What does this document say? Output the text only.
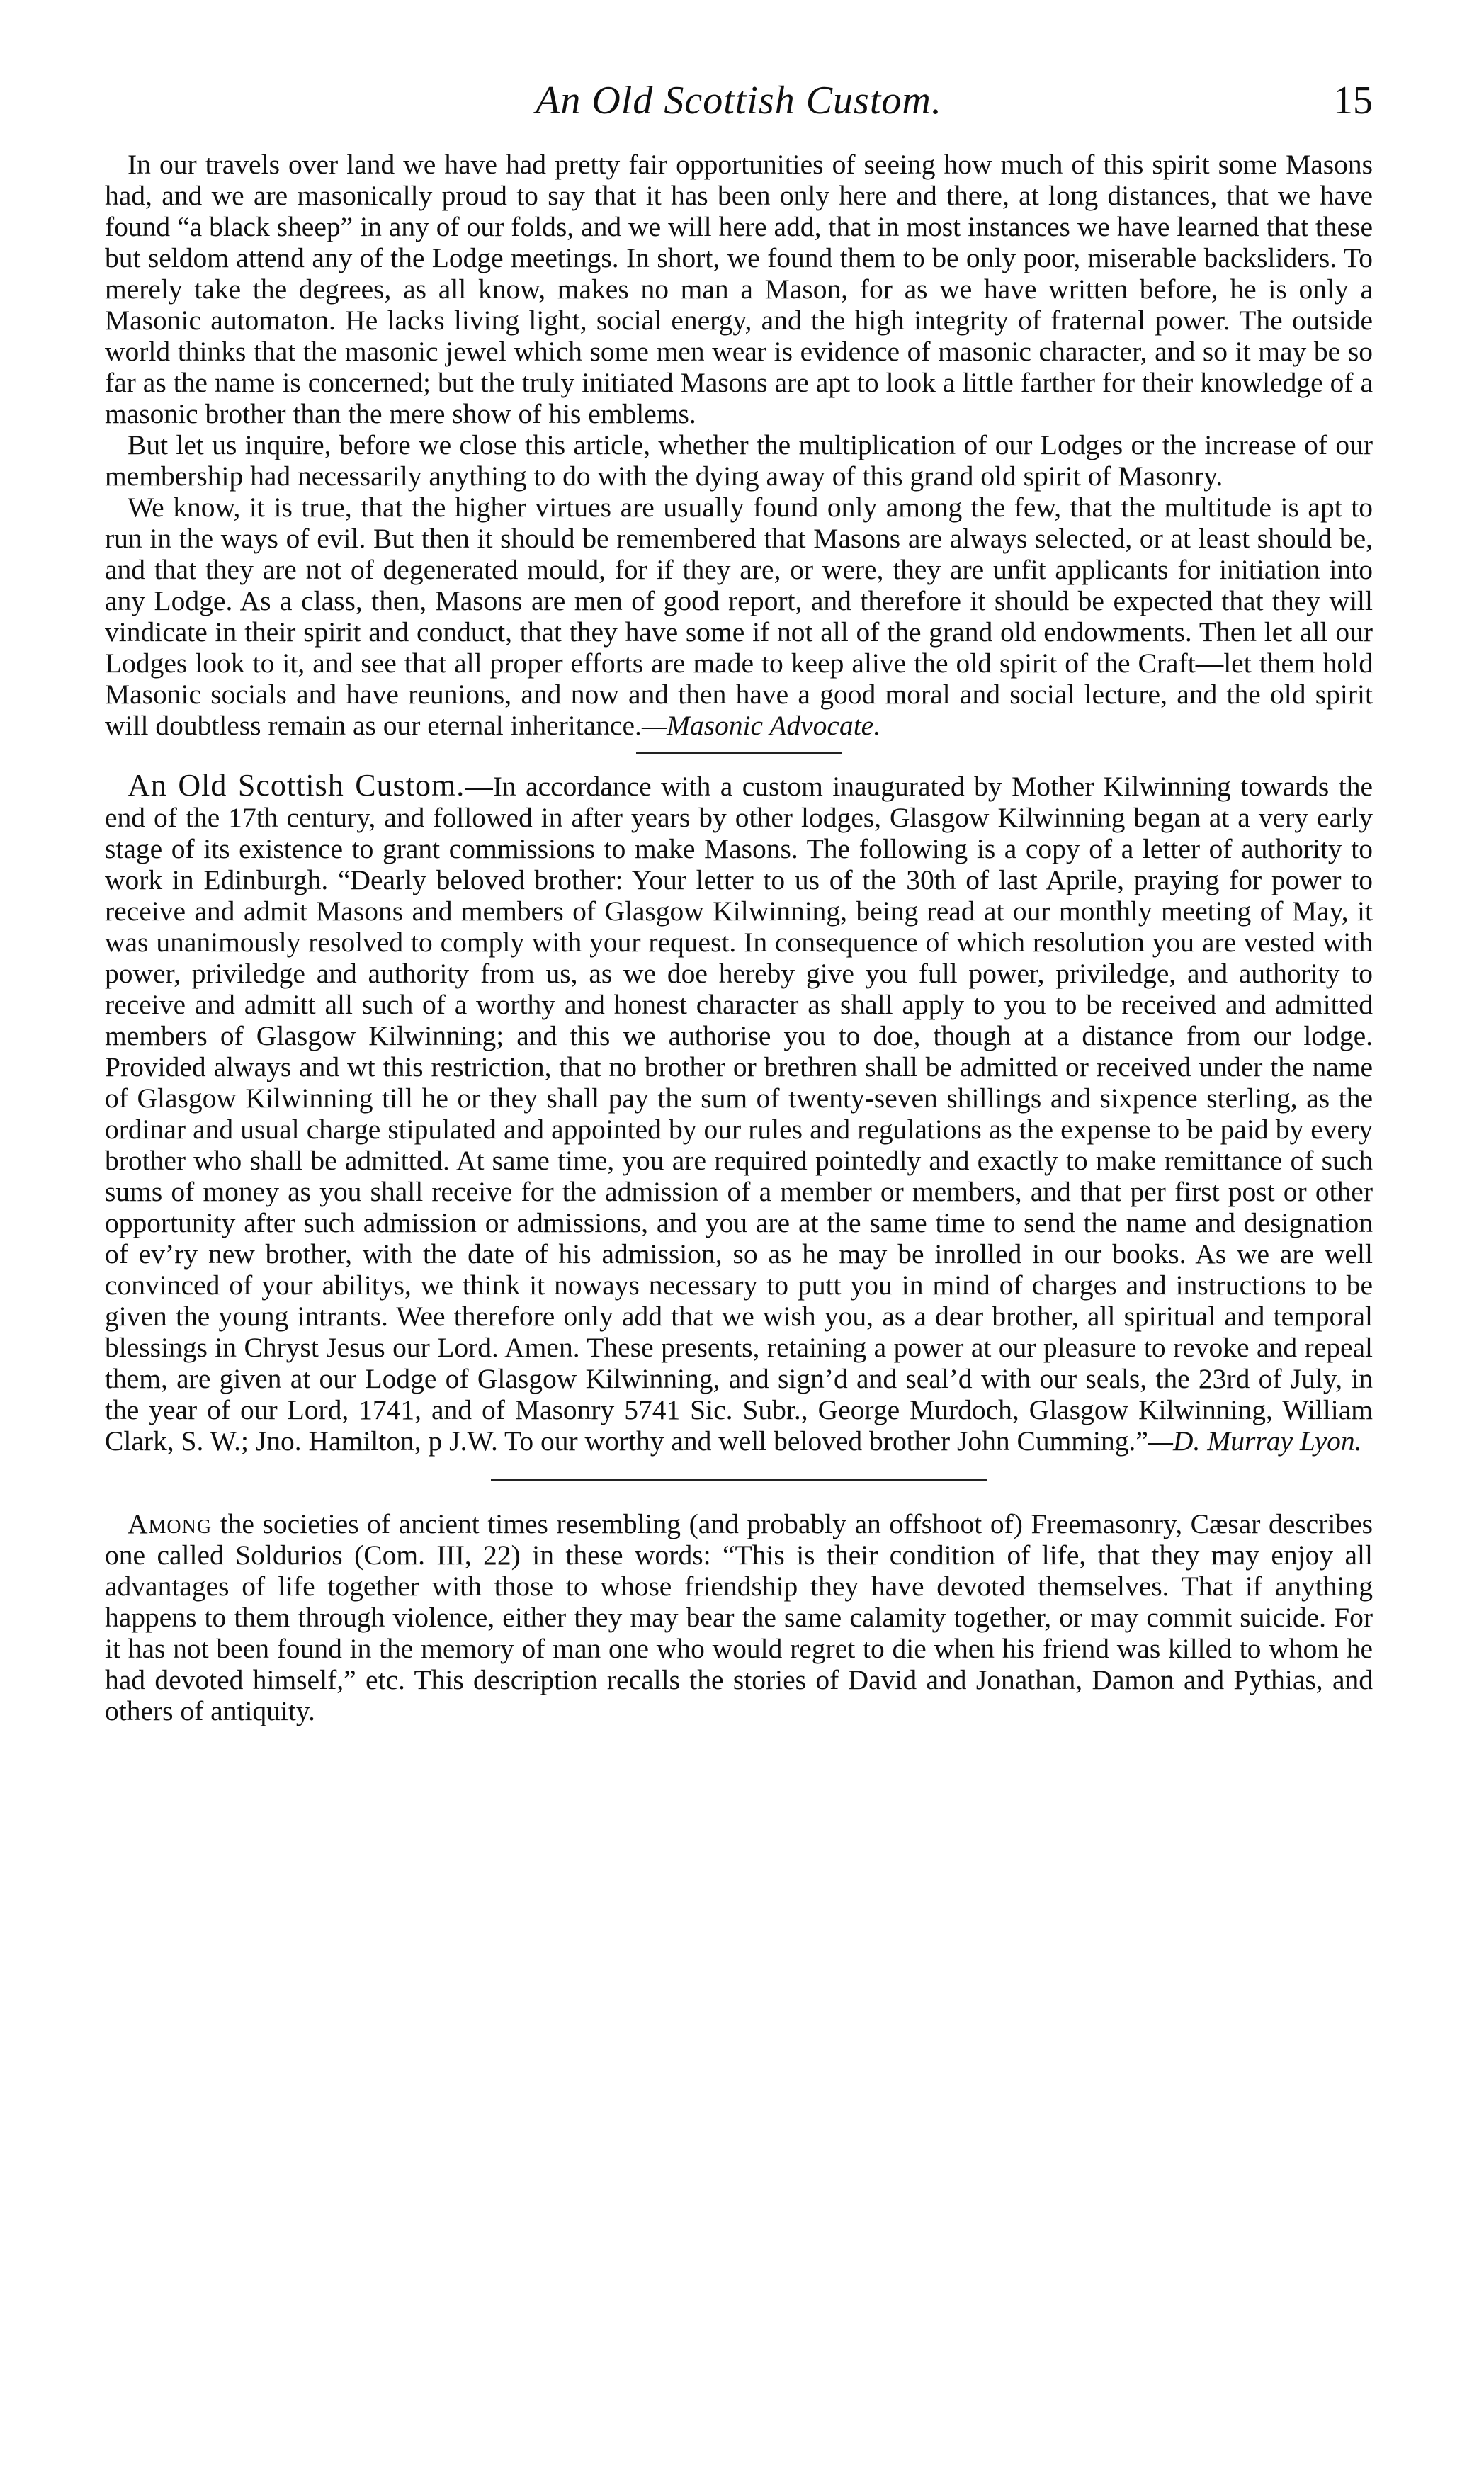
An Old Scottish Custom.	15

In our travels over land we have had pretty fair opportunities of seeing how much of this spirit some Masons had, and we are masonically proud to say that it has been only here and there, at long distances, that we have found “a black sheep” in any of our folds, and we will here add, that in most instances we have learned that these but seldom attend any of the Lodge meetings. In short, we found them to be only poor, miserable backsliders. To merely take the degrees, as all know, makes no man a Mason, for as we have written before, he is only a Masonic automaton. He lacks living light, social energy, and the high integrity of fraternal power. The outside world thinks that the masonic jewel which some men wear is evidence of masonic character, and so it may be so far as the name is concerned; but the truly initiated Masons are apt to look a little farther for their knowledge of a masonic brother than the mere show of his emblems.

But let us inquire, before we close this article, whether the multiplication of our Lodges or the increase of our membership had necessarily anything to do with the dying away of this grand old spirit of Masonry.

We know, it is true, that the higher virtues are usually found only among the few, that the multitude is apt to run in the ways of evil. But then it should be remembered that Masons are always selected, or at least should be, and that they are not of degenerated mould, for if they are, or were, they are unfit applicants for initiation into any Lodge. As a class, then, Masons are men of good report, and therefore it should be expected that they will vindicate in their spirit and conduct, that they have some if not all of the grand old endowments. Then let all our Lodges look to it, and see that all proper efforts are made to keep alive the old spirit of the Craft—let them hold Masonic socials and have reunions, and now and then have a good moral and social lecture, and the old spirit will doubtless remain as our eternal inheritance.—Masonic Advocate.

An Old Scottish Custom.—In accordance with a custom inaugurated by Mother Kilwinning towards the end of the 17th century, and followed in after years by other lodges, Glasgow Kilwinning began at a very early stage of its existence to grant commissions to make Masons. The following is a copy of a letter of authority to work in Edinburgh. “Dearly beloved brother: Your letter to us of the 30th of last Aprile, praying for power to receive and admit Masons and members of Glasgow Kilwinning, being read at our monthly meeting of May, it was unanimously resolved to comply with your request. In consequence of which resolution you are vested with power, priviledge and authority from us, as we doe hereby give you full power, priviledge, and authority to receive and admitt all such of a worthy and honest character as shall apply to you to be received and admitted members of Glasgow Kilwinning; and this we authorise you to doe, though at a distance from our lodge. Provided always and wt this restriction, that no brother or brethren shall be admitted or received under the name of Glasgow Kilwinning till he or they shall pay the sum of twenty-seven shillings and sixpence sterling, as the ordinar and usual charge stipulated and appointed by our rules and regulations as the expense to be paid by every brother who shall be admitted. At same time, you are required pointedly and exactly to make remittance of such sums of money as you shall receive for the admission of a member or members, and that per first post or other opportunity after such admission or admissions, and you are at the same time to send the name and designation of ev’ry new brother, with the date of his admission, so as he may be inrolled in our books. As we are well convinced of your abilitys, we think it noways necessary to putt you in mind of charges and instructions to be given the young intrants. Wee therefore only add that we wish you, as a dear brother, all spiritual and temporal blessings in Chryst Jesus our Lord. Amen. These presents, retaining a power at our pleasure to revoke and repeal them, are given at our Lodge of Glasgow Kilwinning, and sign’d and seal’d with our seals, the 23rd of July, in the year of our Lord, 1741, and of Masonry 5741 Sic. Subr., George Murdoch, Glasgow Kilwinning, William Clark, S. W.; Jno. Hamilton, p J.W. To our worthy and well beloved brother John Cumming.”—D. Murray Lyon.

Among the societies of ancient times resembling (and probably an offshoot of) Freemasonry, Cæsar describes one called Soldurios (Com. III, 22) in these words: “This is their condition of life, that they may enjoy all advantages of life together with those to whose friendship they have devoted themselves. That if anything happens to them through violence, either they may bear the same calamity together, or may commit suicide. For it has not been found in the memory of man one who would regret to die when his friend was killed to whom he had devoted himself,” etc. This description recalls the stories of David and Jonathan, Damon and Pythias, and others of antiquity.
